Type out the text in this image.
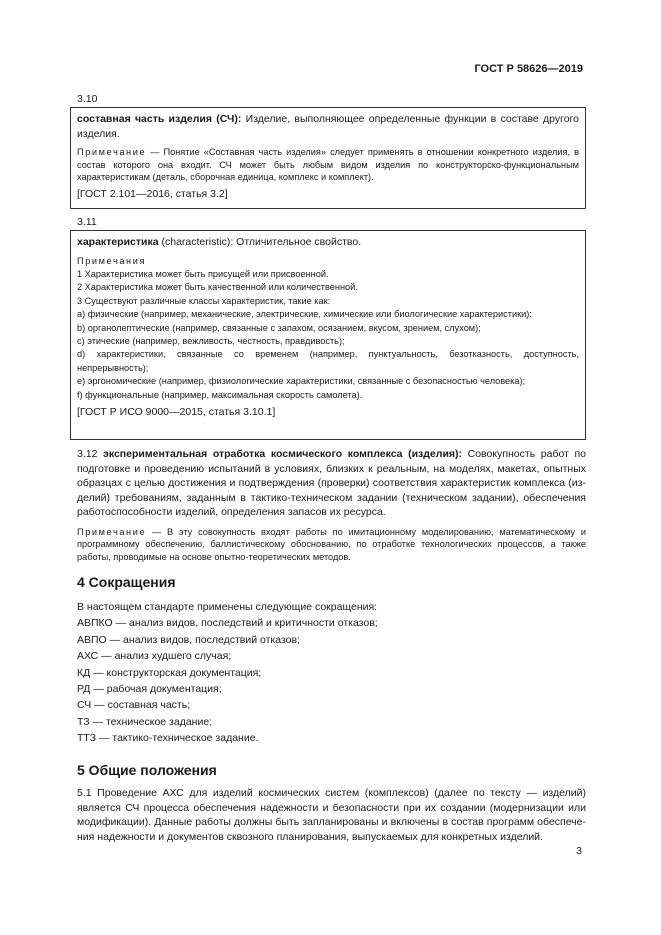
ГОСТ Р 58626—2019
3.10
составная часть изделия (СЧ): Изделие, выполняющее определенные функции в составе другого изделия.
Примечание — Понятие «Составная часть изделия» следует применять в отношении конкретного изделия, в состав которого она входит. СЧ может быть любым видом изделия по конструкторско-функциональным характеристикам (деталь, сборочная единица, комплекс и комплект).
[ГОСТ 2.101—2016, статья 3.2]
3.11
характеристика (characteristic): Отличительное свойство.
Примечания
1 Характеристика может быть присущей или присвоенной.
2 Характеристика может быть качественной или количественной.
3 Существуют различные классы характеристик, такие как:
a) физические (например, механические, электрические, химические или биологические характеристики);
b) органолептические (например, связанные с запахом, осязанием, вкусом, зрением, слухом);
c) этические (например, вежливость, честность, правдивость);
d) характеристики, связанные со временем (например, пунктуальность, безотказность, доступность, непрерывность);
e) эргономические (например, физиологические характеристики, связанные с безопасностью человека);
f) функциональные (например, максимальная скорость самолета).
[ГОСТ Р ИСО 9000—2015, статья 3.10.1]
3.12 экспериментальная отработка космического комплекса (изделия): Совокупность работ по подготовке и проведению испытаний в условиях, близких к реальным, на моделях, макетах, опытных образцах с целью достижения и подтверждения (проверки) соответствия характеристик комплекса (изделий) требованиям, заданным в тактико-техническом задании (техническом задании), обеспечения работоспособности изделий, определения запасов их ресурса.
Примечание — В эту совокупность входят работы по имитационному моделированию, математическому и программному обеспечению, баллистическому обоснованию, по отработке технологических процессов, а также работы, проводимые на основе опытно-теоретических методов.
4 Сокращения
В настоящем стандарте применены следующие сокращения:
АВПКО — анализ видов, последствий и критичности отказов;
АВПО — анализ видов, последствий отказов;
АХС — анализ худшего случая;
КД — конструкторская документация;
РД — рабочая документация;
СЧ — составная часть;
ТЗ — техническое задание;
ТТЗ — тактико-техническое задание.
5 Общие положения
5.1 Проведение АХС для изделий космических систем (комплексов) (далее по тексту — изделий) является СЧ процесса обеспечения надежности и безопасности при их создании (модернизации или модификации). Данные работы должны быть запланированы и включены в состав программ обеспечения надежности и документов сквозного планирования, выпускаемых для конкретных изделий.
3
